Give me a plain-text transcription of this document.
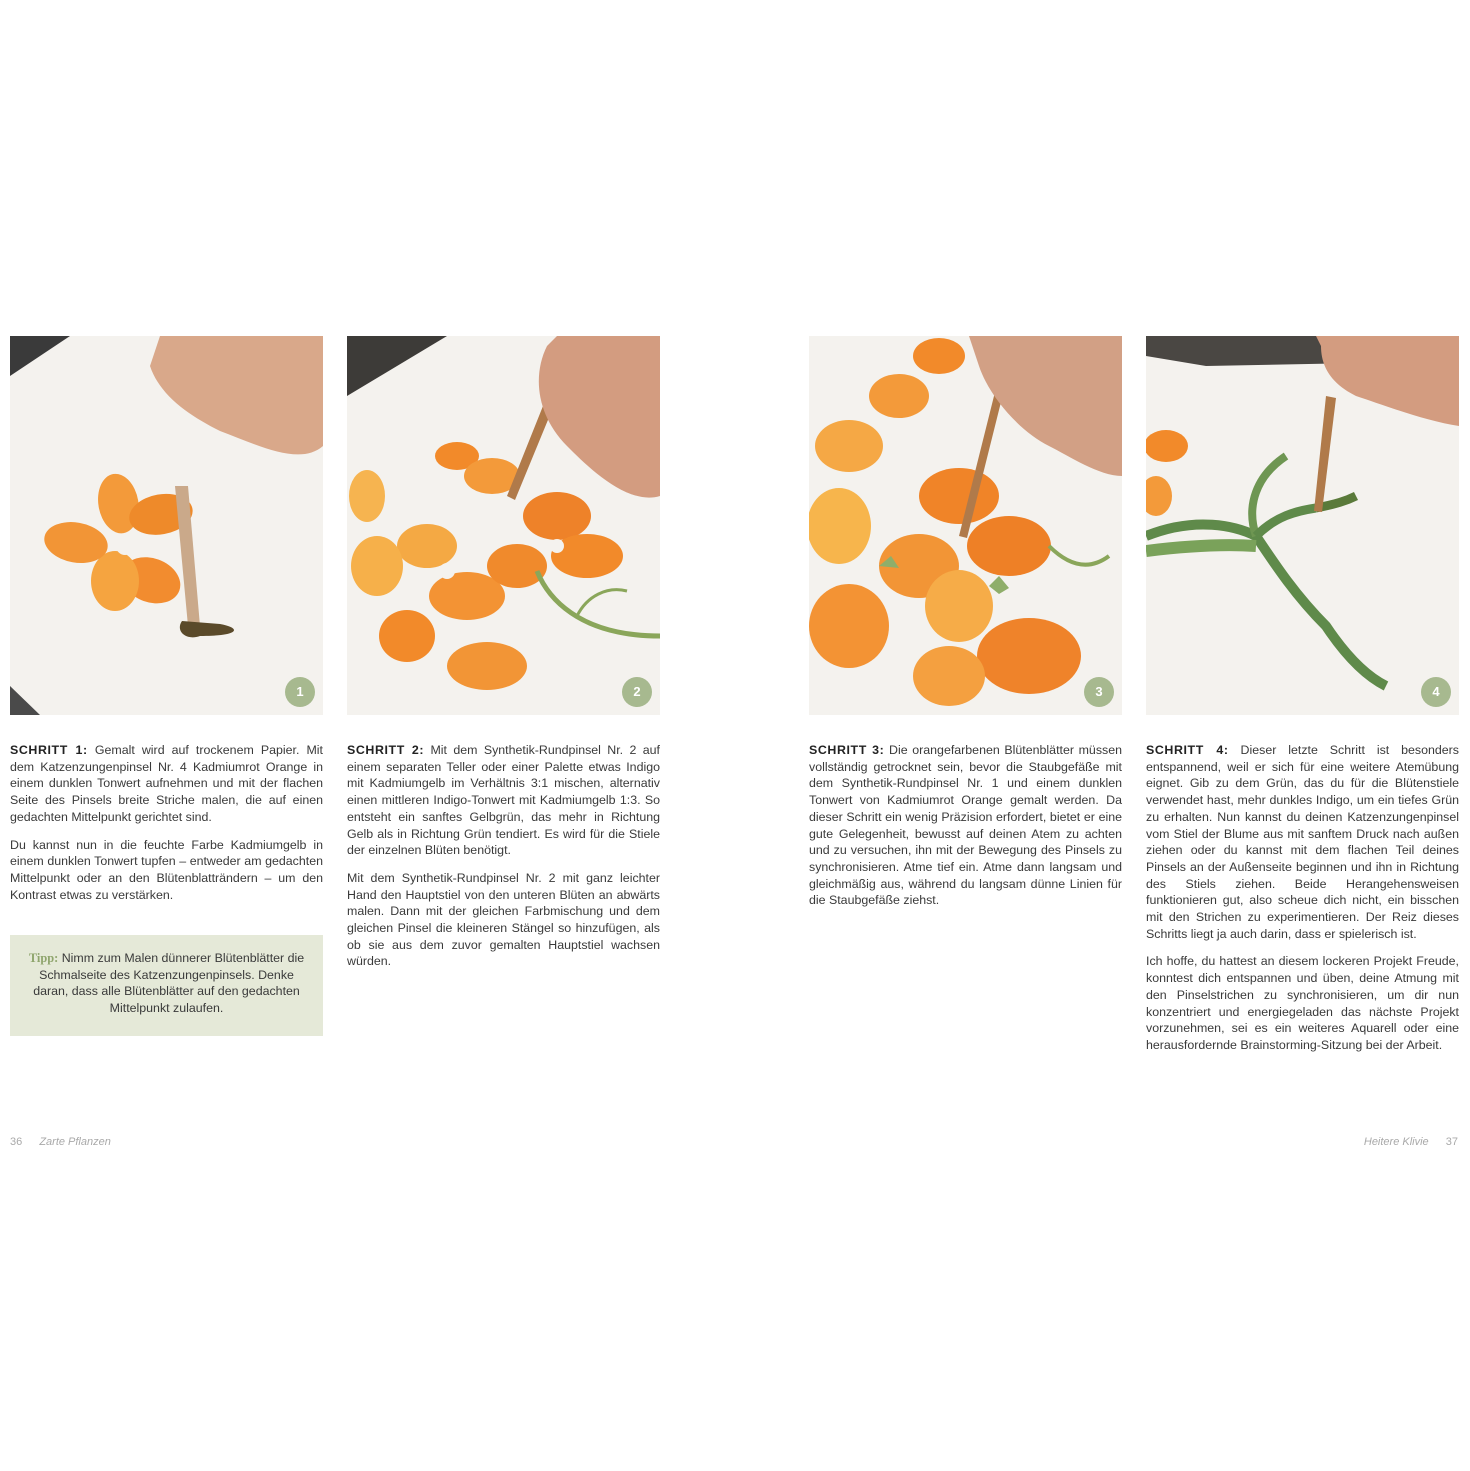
1	2	3	4

SCHRITT 1: Gemalt wird auf trockenem Papier. Mit dem Katzenzungenpinsel Nr. 4 Kadmiumrot Orange in einem dunklen Tonwert aufnehmen und mit der flachen Seite des Pinsels breite Striche malen, die auf einen gedachten Mittelpunkt gerichtet sind.

Du kannst nun in die feuchte Farbe Kadmiumgelb in einem dunklen Tonwert tupfen – entweder am gedachten Mittelpunkt oder an den Blütenblatträndern – um den Kontrast etwas zu verstärken.

Tipp: Nimm zum Malen dünnerer Blütenblätter die Schmalseite des Katzenzungenpinsels. Denke daran, dass alle Blütenblätter auf den gedachten Mittelpunkt zulaufen.

SCHRITT 2: Mit dem Synthetik-Rundpinsel Nr. 2 auf einem separaten Teller oder einer Palette etwas Indigo mit Kadmiumgelb im Verhältnis 3:1 mischen, alternativ einen mittleren Indigo-Tonwert mit Kadmiumgelb 1:3. So entsteht ein sanftes Gelbgrün, das mehr in Richtung Gelb als in Richtung Grün tendiert. Es wird für die Stiele der einzelnen Blüten benötigt.

Mit dem Synthetik-Rundpinsel Nr. 2 mit ganz leichter Hand den Hauptstiel von den unteren Blüten an abwärts malen. Dann mit der gleichen Farbmischung und dem gleichen Pinsel die kleineren Stängel so hinzufügen, als ob sie aus dem zuvor gemalten Hauptstiel wachsen würden.

SCHRITT 3: Die orangefarbenen Blütenblätter müssen vollständig getrocknet sein, bevor die Staubgefäße mit dem Synthetik-Rundpinsel Nr. 1 und einem dunklen Tonwert von Kadmiumrot Orange gemalt werden. Da dieser Schritt ein wenig Präzision erfordert, bietet er eine gute Gelegenheit, bewusst auf deinen Atem zu achten und zu versuchen, ihn mit der Bewegung des Pinsels zu synchronisieren. Atme tief ein. Atme dann langsam und gleichmäßig aus, während du langsam dünne Linien für die Staubgefäße ziehst.

SCHRITT 4: Dieser letzte Schritt ist besonders entspannend, weil er sich für eine weitere Atemübung eignet. Gib zu dem Grün, das du für die Blütenstiele verwendet hast, mehr dunkles Indigo, um ein tiefes Grün zu erhalten. Nun kannst du deinen Katzenzungenpinsel vom Stiel der Blume aus mit sanftem Druck nach außen ziehen oder du kannst mit dem flachen Teil deines Pinsels an der Außenseite beginnen und ihn in Richtung des Stiels ziehen. Beide Herangehensweisen funktionieren gut, also scheue dich nicht, ein bisschen mit den Strichen zu experimentieren. Der Reiz dieses Schritts liegt ja auch darin, dass er spielerisch ist.

Ich hoffe, du hattest an diesem lockeren Projekt Freude, konntest dich entspannen und üben, deine Atmung mit den Pinselstrichen zu synchronisieren, um dir nun konzentriert und energiegeladen das nächste Projekt vorzunehmen, sei es ein weiteres Aquarell oder eine herausfordernde Brainstorming-Sitzung bei der Arbeit.

36 Zarte Pflanzen	Heitere Klivie 37
